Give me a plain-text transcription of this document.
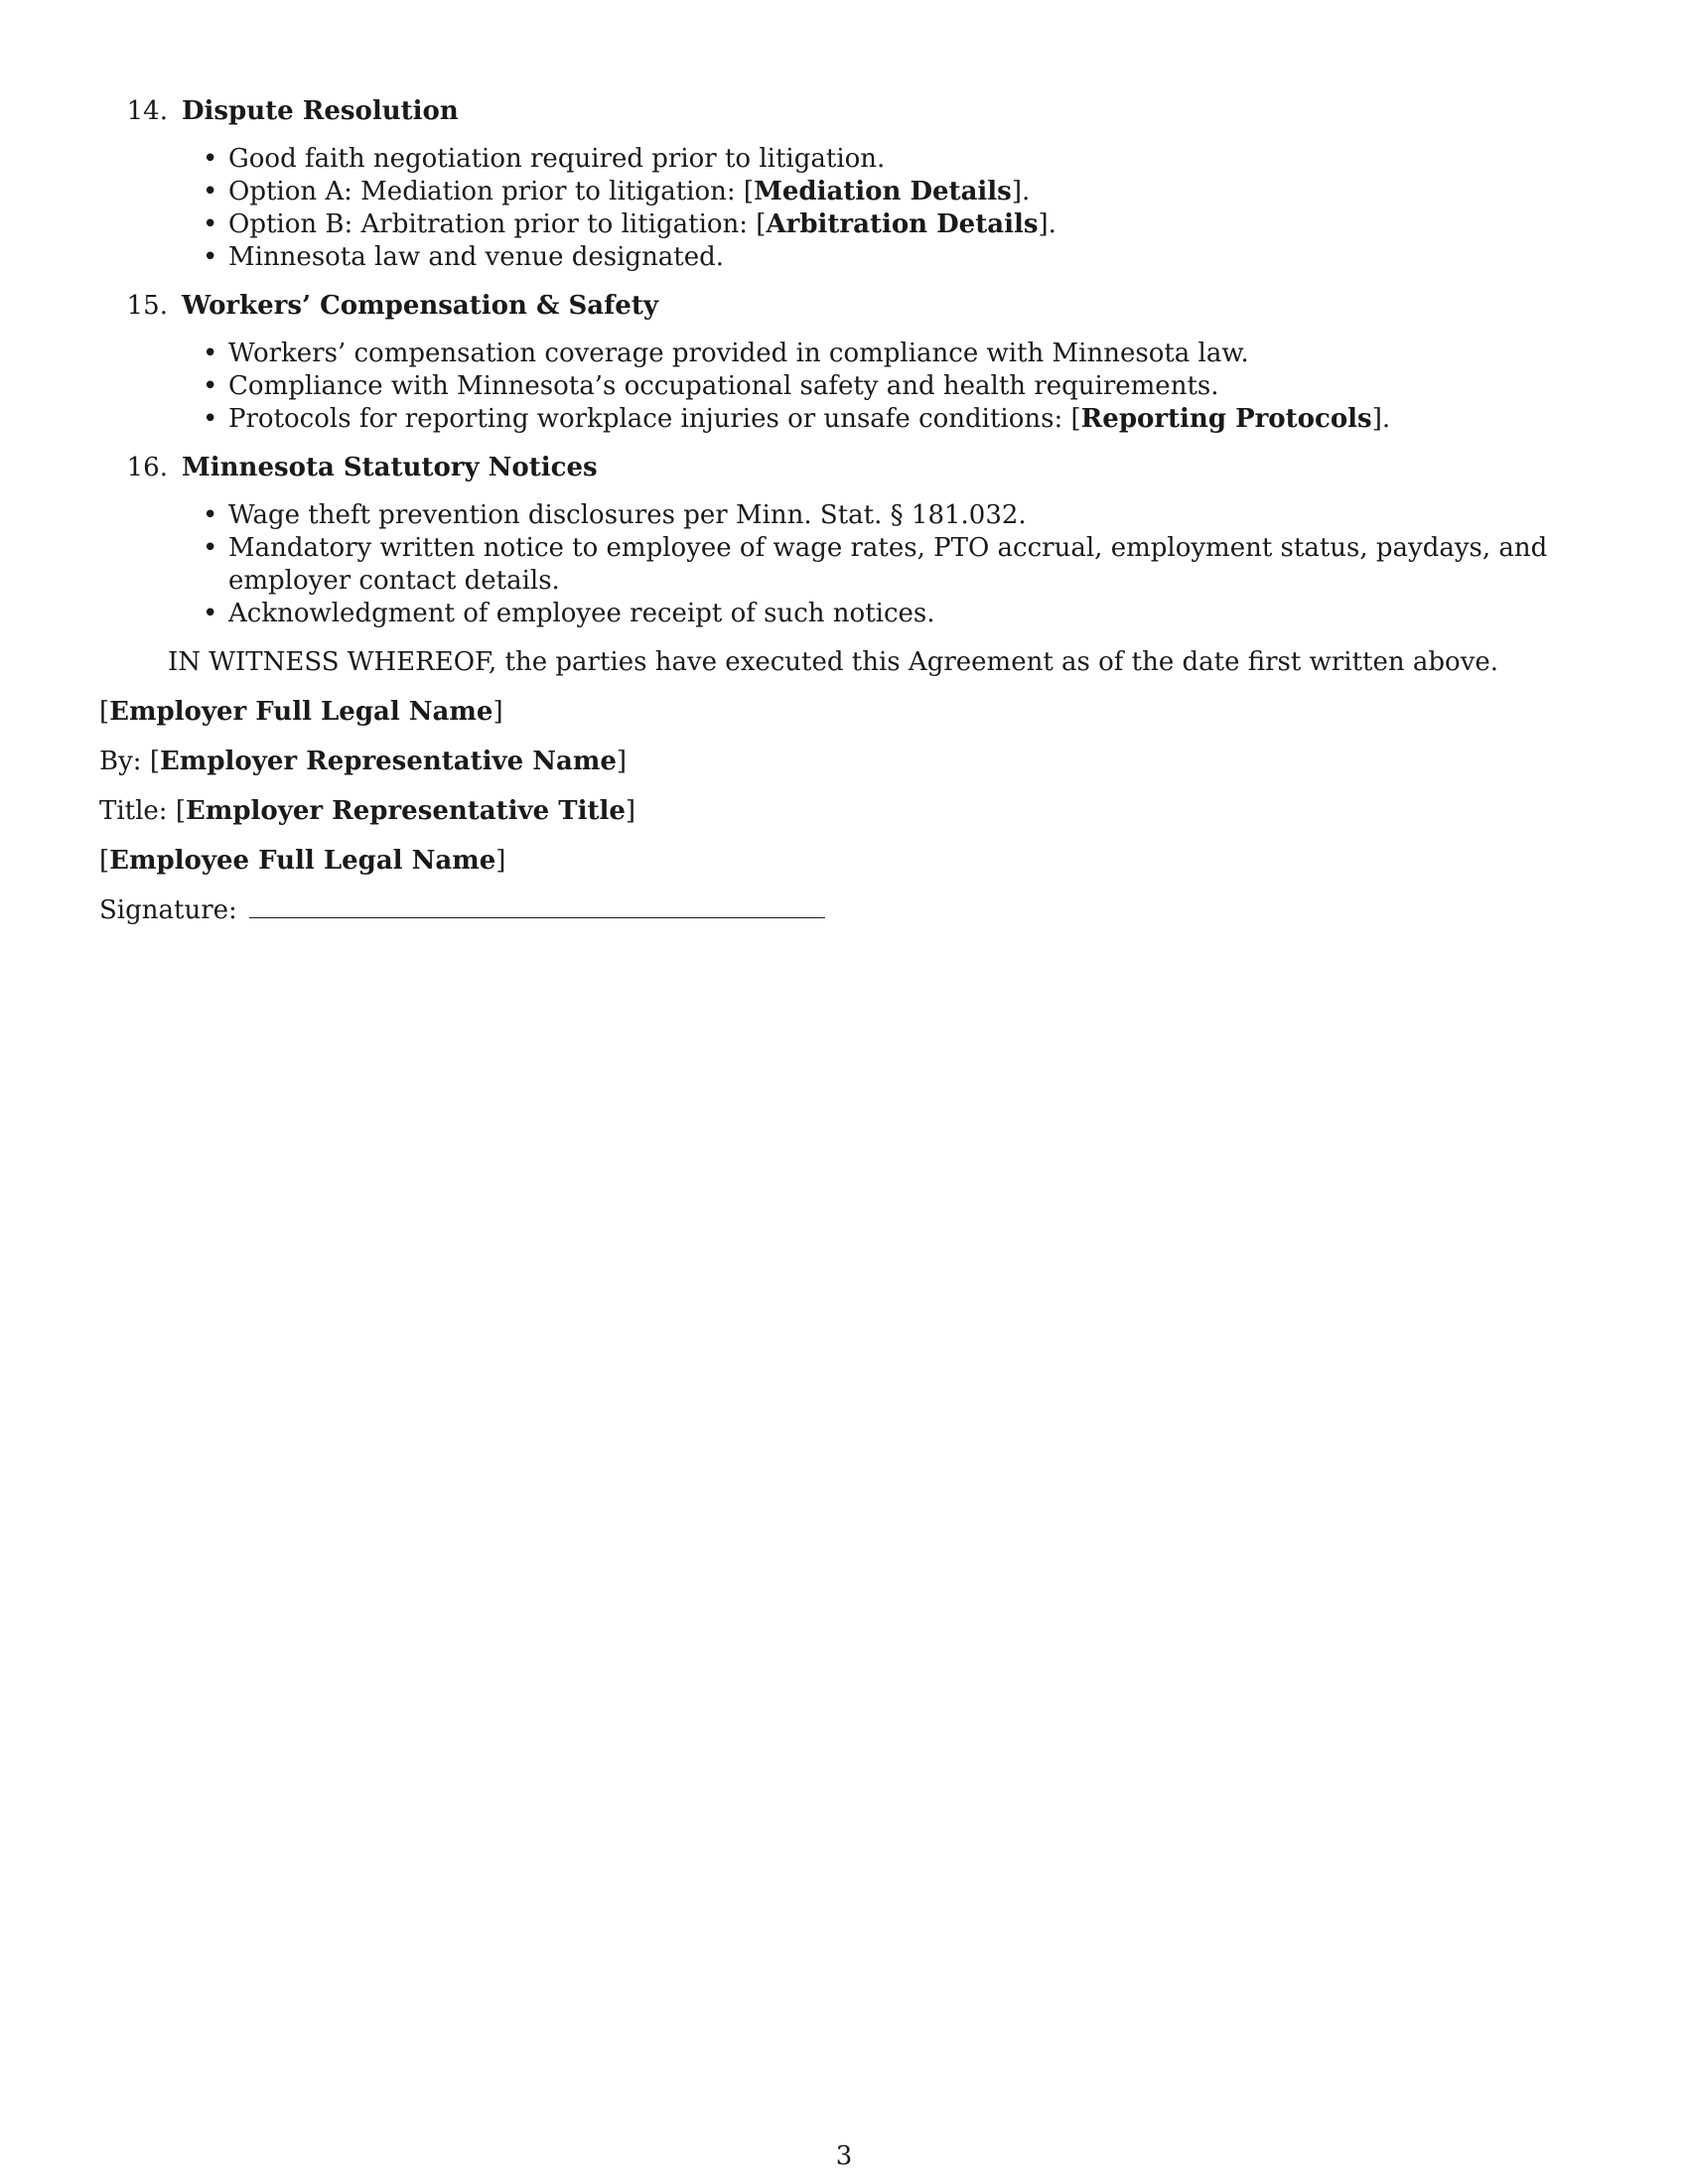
14. Dispute Resolution
• Good faith negotiation required prior to litigation.
• Option A: Mediation prior to litigation: [Mediation Details].
• Option B: Arbitration prior to litigation: [Arbitration Details].
• Minnesota law and venue designated.
15. Workers’ Compensation & Safety
• Workers’ compensation coverage provided in compliance with Minnesota law.
• Compliance with Minnesota’s occupational safety and health requirements.
• Protocols for reporting workplace injuries or unsafe conditions: [Reporting Protocols].
16. Minnesota Statutory Notices
• Wage theft prevention disclosures per Minn. Stat. § 181.032.
• Mandatory written notice to employee of wage rates, PTO accrual, employment status, paydays, and employer contact details.
• Acknowledgment of employee receipt of such notices.

IN WITNESS WHEREOF, the parties have executed this Agreement as of the date first written above.

[Employer Full Legal Name]

By: [Employer Representative Name]

Title: [Employer Representative Title]

[Employee Full Legal Name]

Signature:

3
